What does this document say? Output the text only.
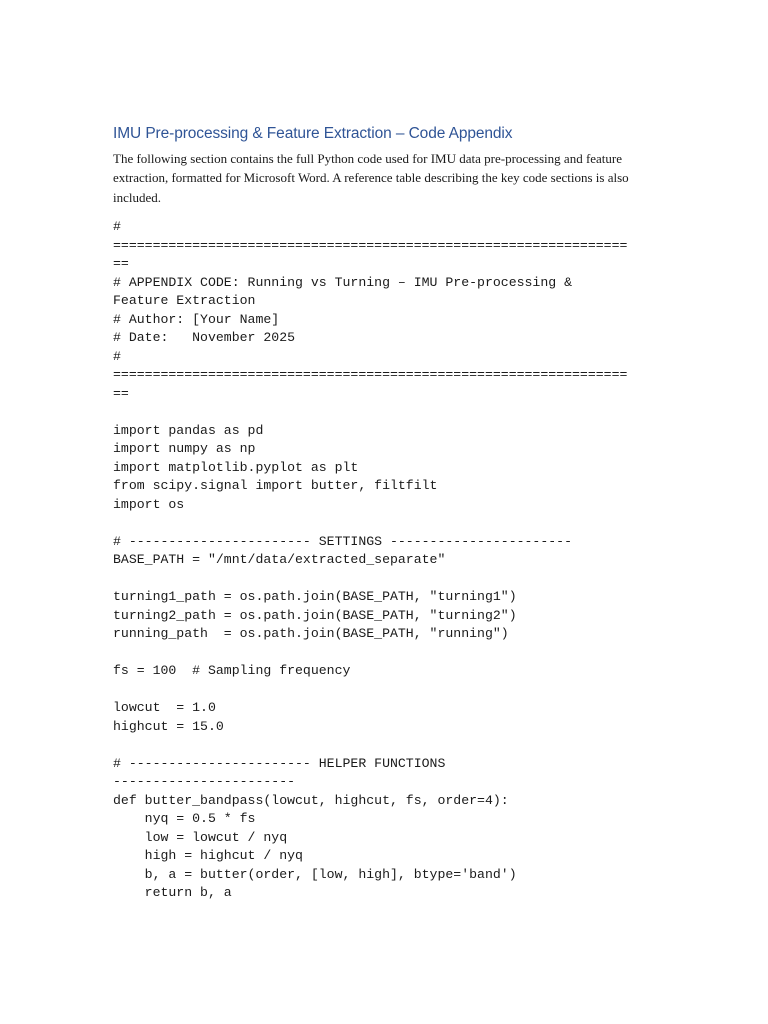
IMU Pre-processing & Feature Extraction – Code Appendix

The following section contains the full Python code used for IMU data pre-processing and feature extraction, formatted for Microsoft Word. A reference table describing the key code sections is also included.

#
=================================================================
==
# APPENDIX CODE: Running vs Turning – IMU Pre-processing &
Feature Extraction
# Author: [Your Name]
# Date:   November 2025
#
=================================================================
==
import pandas as pd
import numpy as np
import matplotlib.pyplot as plt
from scipy.signal import butter, filtfilt
import os
# ----------------------- SETTINGS -----------------------
BASE_PATH = "/mnt/data/extracted_separate"
turning1_path = os.path.join(BASE_PATH, "turning1")
turning2_path = os.path.join(BASE_PATH, "turning2")
running_path  = os.path.join(BASE_PATH, "running")
fs = 100  # Sampling frequency
lowcut  = 1.0
highcut = 15.0
# ----------------------- HELPER FUNCTIONS
-----------------------
def butter_bandpass(lowcut, highcut, fs, order=4):
nyq = 0.5 * fs
low = lowcut / nyq
high = highcut / nyq
b, a = butter(order, [low, high], btype='band')
return b, a
